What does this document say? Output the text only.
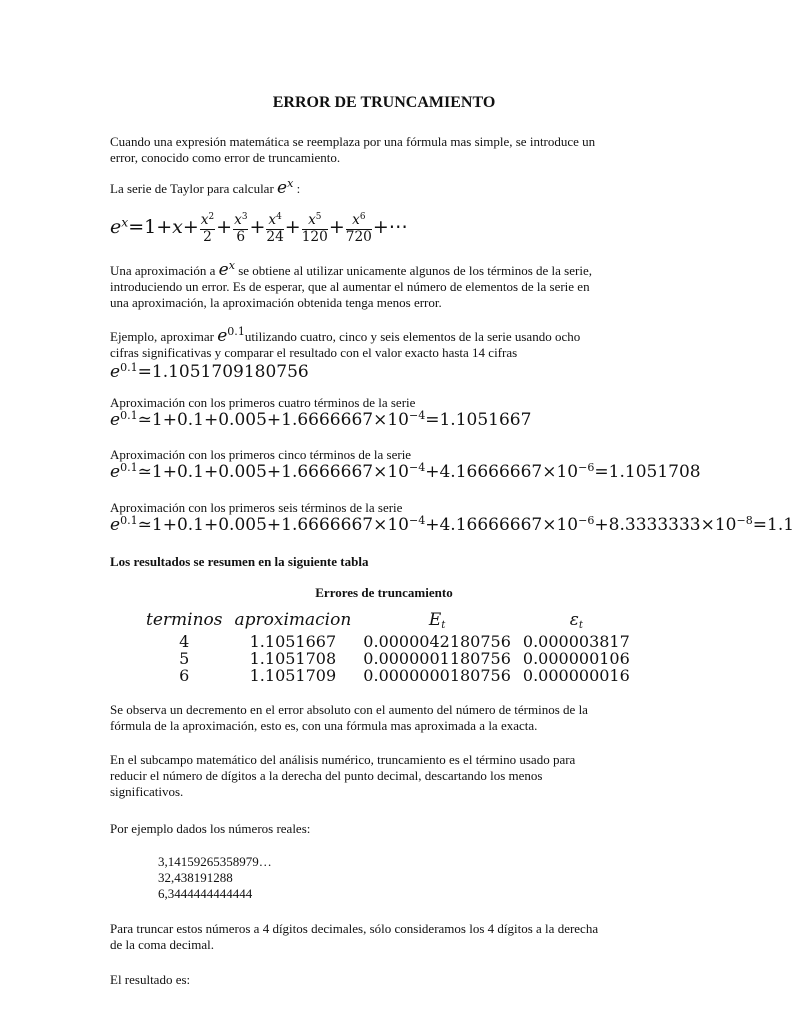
ERROR DE TRUNCAMIENTO
Cuando una expresión matemática se reemplaza por una fórmula mas simple, se introduce un
error, conocido como error de truncamiento.
La serie de Taylor para calcular $e^x$ :
$e^x=1+x+ \frac{x^2}{2} + \frac{x^3}{6} + \frac{x^4}{24} + \frac{x^5}{120} + \frac{x^6}{720}$ +⋯
Una aproximación a $e^x$ se obtiene al utilizar unicamente algunos de los términos de la serie,
introduciendo un error. Es de esperar, que al aumentar el número de elementos de la serie en
una aproximación, la aproximación obtenida tenga menos error.
Ejemplo, aproximar $e^{0.1}utilizando$ cuatro, cinco y seis elementos de la serie usando ocho
cifras significativas y comparar el resultado con el valor exacto hasta 14 cifras
$e^{0.1}=1.1051709180756$
Aproximación con los primeros cuatro términos de la serie
$e^{0.1}≃1+0.1+0.005+1.6666667\times 10^{-4}=1.1051667$
Aproximación con los primeros cinco términos de la serie
$e^{0.1}≃1+0.1+0.005+1.6666667\times 10^{-4}+4.16666667\times 10^{-6}=1.1051708$
Aproximación con los primeros seis términos de la serie
$e^{0.1}≃1+0.1+0.005+1.6666667\times 10^{-4}+4.16666667\times 10^{-6}+8.3333333\times 10^{-8}=1.1$
Los resultados se resumen en la siguiente tabla
Errores de truncamiento
terminos	aproximacion	$E_t$	$\varepsilon_t$
4	1.1051667	0.0000042180756	0.000003817
5	1.1051708	0.0000001180756	0.000000106
6	1.1051709	0.0000000180756	0.000000016
Se observa un decremento en el error absoluto con el aumento del número de términos de la
fórmula de la aproximación, esto es, con una fórmula mas aproximada a la exacta.
En el subcampo matemático del análisis numérico, truncamiento es el término usado para
reducir el número de dígitos a la derecha del punto decimal, descartando los menos
significativos.
Por ejemplo dados los números reales:
3,14159265358979…
32,438191288
6,3444444444444
Para truncar estos números a 4 dígitos decimales, sólo consideramos los 4 dígitos a la derecha
de la coma decimal.
El resultado es:
